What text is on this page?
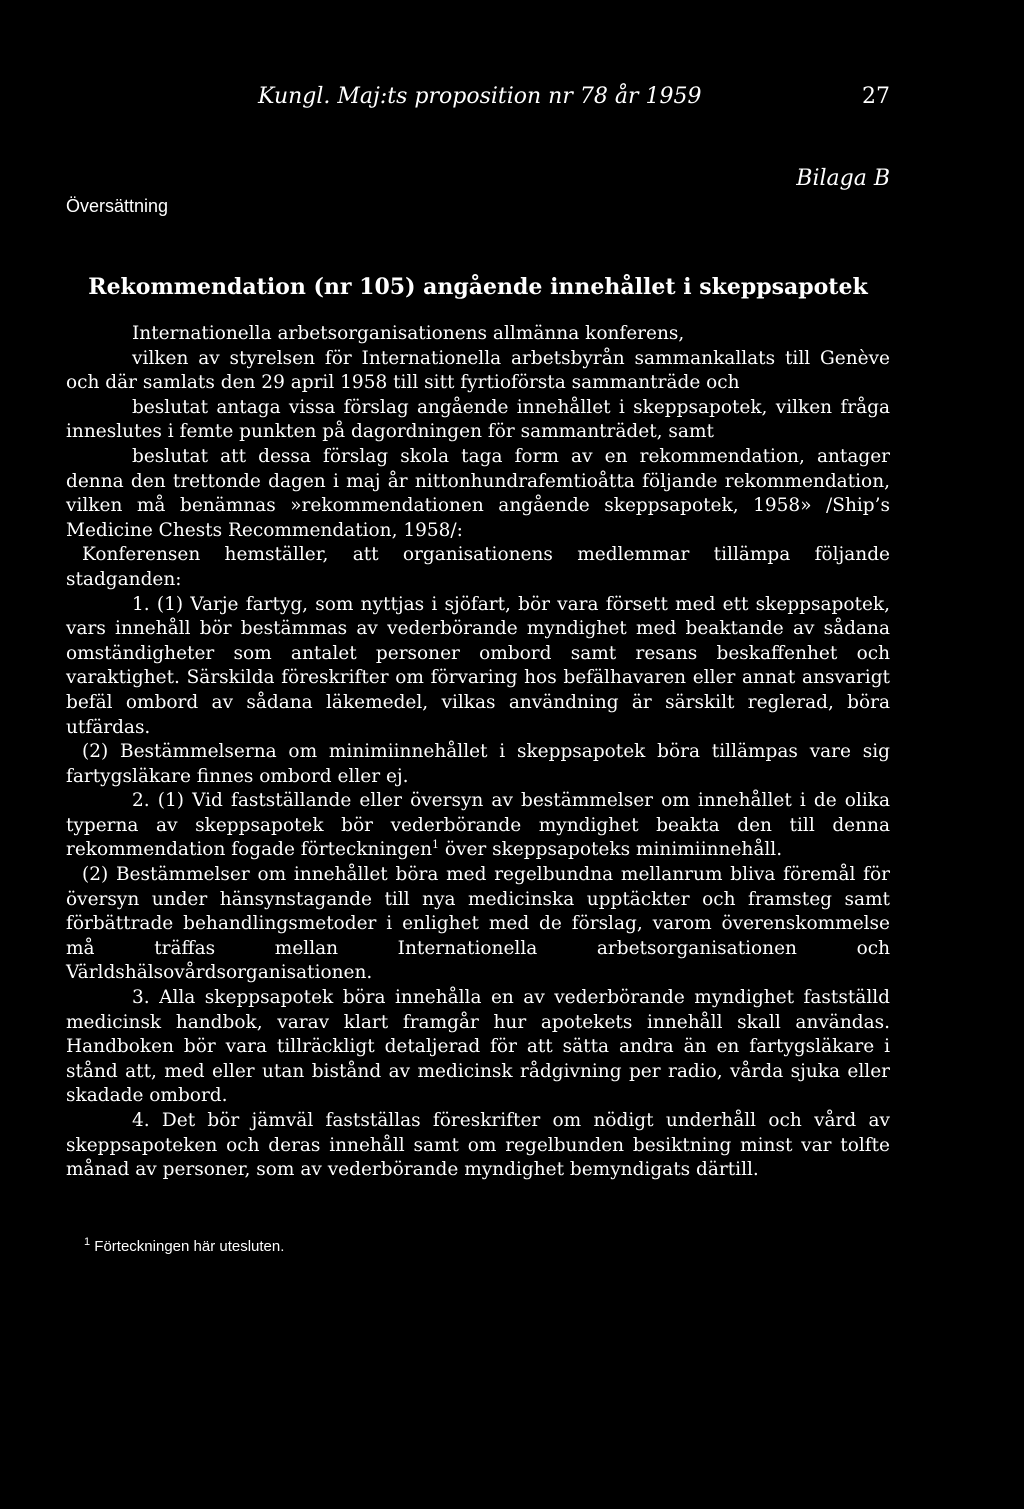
Kungl. Maj:ts proposition nr 78 år 1959	27
Bilaga B
Översättning
Rekommendation (nr 105) angående innehållet i skeppsapotek

Internationella arbetsorganisationens allmänna konferens,

vilken av styrelsen för Internationella arbetsbyrån sammankallats till Genève och där samlats den 29 april 1958 till sitt fyrtioförsta sammanträde och

beslutat antaga vissa förslag angående innehållet i skeppsapotek, vilken fråga inneslutes i femte punkten på dagordningen för sammanträdet, samt

beslutat att dessa förslag skola taga form av en rekommendation, antager denna den trettonde dagen i maj år nittonhundrafemtioåtta följande rekommendation, vilken må benämnas »rekommendationen angående skeppsapotek, 1958» /Ship’s Medicine Chests Recommendation, 1958/:

Konferensen hemställer, att organisationens medlemmar tillämpa följande stadganden:

1. (1) Varje fartyg, som nyttjas i sjöfart, bör vara försett med ett skeppsapotek, vars innehåll bör bestämmas av vederbörande myndighet med beaktande av sådana omständigheter som antalet personer ombord samt resans beskaffenhet och varaktighet. Särskilda föreskrifter om förvaring hos befälhavaren eller annat ansvarigt befäl ombord av sådana läkemedel, vilkas användning är särskilt reglerad, böra utfärdas.

(2) Bestämmelserna om minimiinnehållet i skeppsapotek böra tillämpas vare sig fartygsläkare finnes ombord eller ej.

2. (1) Vid fastställande eller översyn av bestämmelser om innehållet i de olika typerna av skeppsapotek bör vederbörande myndighet beakta den till denna rekommendation fogade förteckningen$^1$ över skeppsapoteks minimiinnehåll.

(2) Bestämmelser om innehållet böra med regelbundna mellanrum bliva föremål för översyn under hänsynstagande till nya medicinska upptäckter och framsteg samt förbättrade behandlingsmetoder i enlighet med de förslag, varom överenskommelse må träffas mellan Internationella arbetsorganisationen och Världshälsovårdsorganisationen.

3. Alla skeppsapotek böra innehålla en av vederbörande myndighet fastställd medicinsk handbok, varav klart framgår hur apotekets innehåll skall användas. Handboken bör vara tillräckligt detaljerad för att sätta andra än en fartygsläkare i stånd att, med eller utan bistånd av medicinsk rådgivning per radio, vårda sjuka eller skadade ombord.

4. Det bör jämväl fastställas föreskrifter om nödigt underhåll och vård av skeppsapoteken och deras innehåll samt om regelbunden besiktning minst var tolfte månad av personer, som av vederbörande myndighet bemyndigats därtill.

$^1$ Förteckningen här utesluten.
